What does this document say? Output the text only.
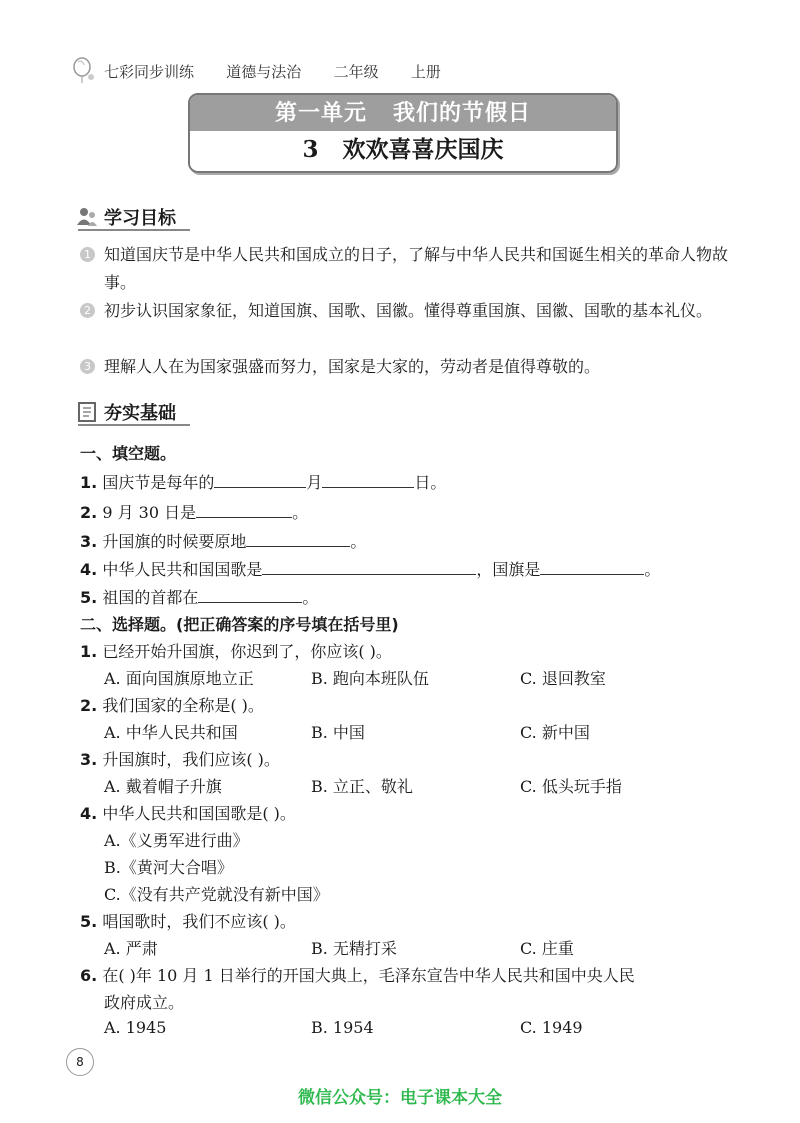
七彩同步训练   道德与法治   二年级   上册
第一单元   我们的节假日
3   欢欢喜喜庆国庆
学习目标
1 知道国庆节是中华人民共和国成立的日子，了解与中华人民共和国诞生相关的革命人物故事。
2 初步认识国家象征，知道国旗、国歌、国徽。懂得尊重国旗、国徽、国歌的基本礼仪。
3 理解人人在为国家强盛而努力，国家是大家的，劳动者是值得尊敬的。
夯实基础
一、填空题。
1. 国庆节是每年的	月	日。
2. 9 月 30 日是	。
3. 升国旗的时候要原地	。
4. 中华人民共和国国歌是	，国旗是	。
5. 祖国的首都在	。
二、选择题。(把正确答案的序号填在括号里)
1. 已经开始升国旗，你迟到了，你应该( )。
A. 面向国旗原地立正	B. 跑向本班队伍	C. 退回教室
2. 我们国家的全称是( )。
A. 中华人民共和国	B. 中国	C. 新中国
3. 升国旗时，我们应该( )。
A. 戴着帽子升旗	B. 立正、敬礼	C. 低头玩手指
4. 中华人民共和国国歌是( )。
A.《义勇军进行曲》
B.《黄河大合唱》
C.《没有共产党就没有新中国》
5. 唱国歌时，我们不应该( )。
A. 严肃	B. 无精打采	C. 庄重
6. 在( )年 10 月 1 日举行的开国大典上，毛泽东宣告中华人民共和国中央人民
政府成立。
A. 1945	B. 1954	C. 1949
8
微信公众号：电子课本大全
